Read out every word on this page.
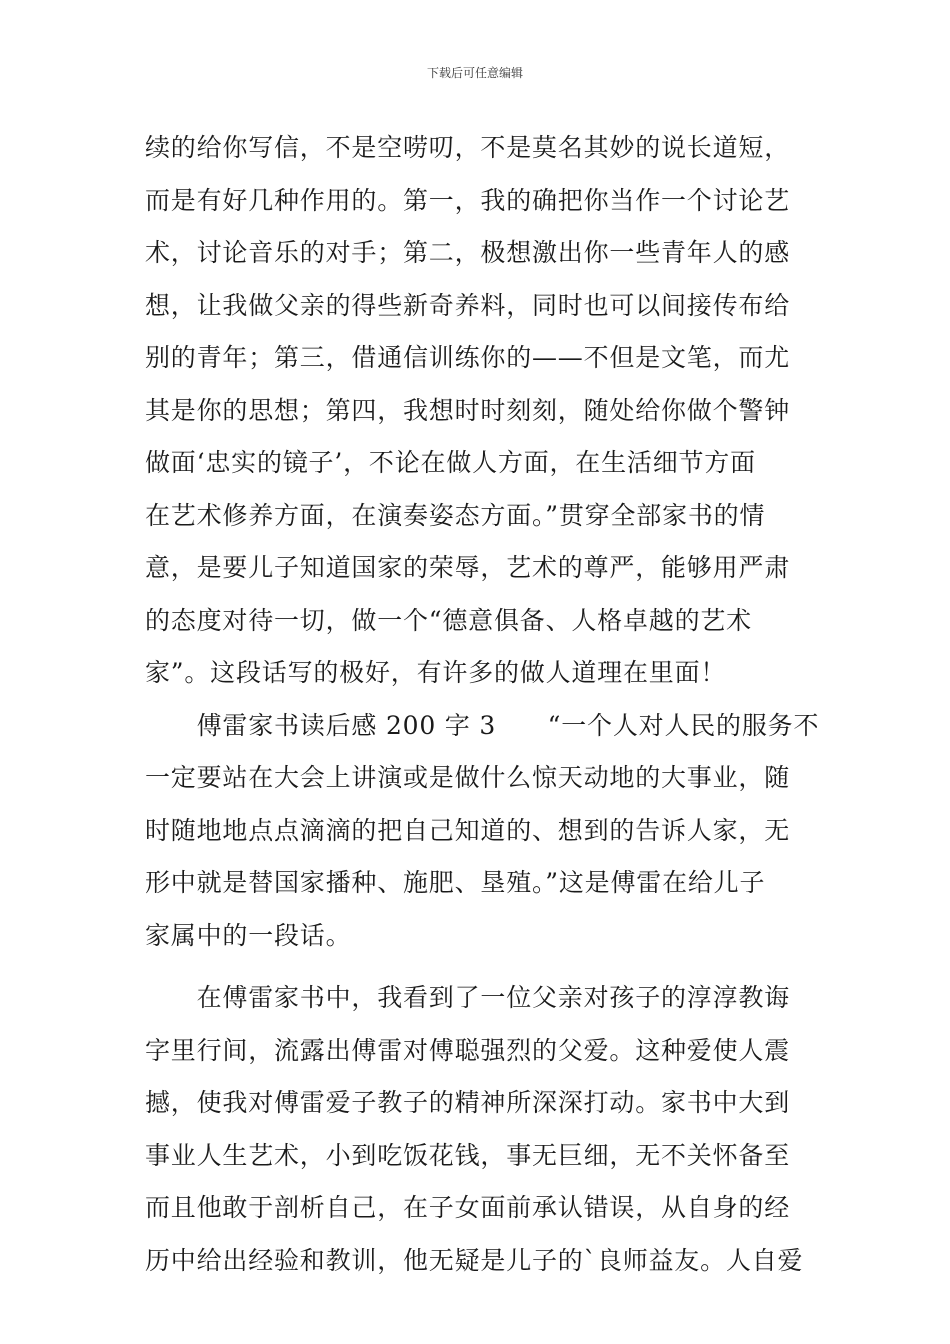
下载后可任意编辑
续的给你写信，不是空唠叨，不是莫名其妙的说长道短，
而是有好几种作用的。第一，我的确把你当作一个讨论艺
术，讨论音乐的对手；第二，极想激出你一些青年人的感
想，让我做父亲的得些新奇养料，同时也可以间接传布给
别的青年；第三，借通信训练你的——不但是文笔，而尤
其是你的思想；第四，我想时时刻刻，随处给你做个警钟
做面‘忠实的镜子’，不论在做人方面，在生活细节方面
在艺术修养方面，在演奏姿态方面。”贯穿全部家书的情
意，是要儿子知道国家的荣辱，艺术的尊严，能够用严肃
的态度对待一切，做一个“德意俱备、人格卓越的艺术
家”。这段话写的极好，有许多的做人道理在里面！
　　傅雷家书读后感 200 字 3　　“一个人对人民的服务不
一定要站在大会上讲演或是做什么惊天动地的大事业，随
时随地地点点滴滴的把自己知道的、想到的告诉人家，无
形中就是替国家播种、施肥、垦殖。”这是傅雷在给儿子
家属中的一段话。
　　在傅雷家书中，我看到了一位父亲对孩子的淳淳教诲
字里行间，流露出傅雷对傅聪强烈的父爱。这种爱使人震
撼，使我对傅雷爱子教子的精神所深深打动。家书中大到
事业人生艺术，小到吃饭花钱，事无巨细，无不关怀备至
而且他敢于剖析自己，在子女面前承认错误，从自身的经
历中给出经验和教训，他无疑是儿子的`良师益友。人自爱
